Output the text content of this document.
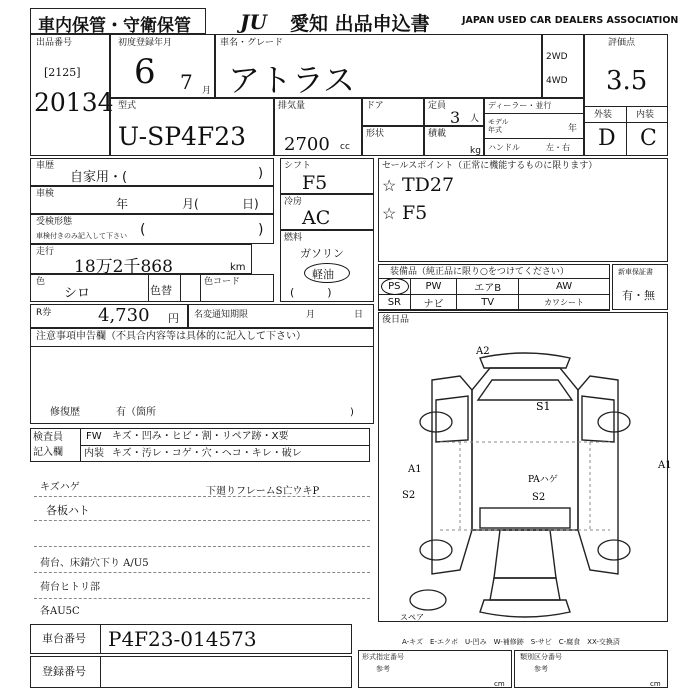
車内保管・守衛保管 JU	愛知 出品申込書	JAPAN USED CAR DEALERS ASSOCIATION
出品番号
[2125]
20134
初度登録年月
6 7 月
車名・グレード
アトラス
2WD
4WD
評価点
3.5
外装	内装
D C
型式
U-SP4F23
排気量
2700 cc
ドア	定員
3 人
形状	積載
kg
ディーラー・並行
モデル年式	年
ハンドル	左・右
車歴
自家用・(	)
車検
年	月(	日)
受検形態
車検付きのみ記入して下さい (	)
走行
18万2千868	km
色
シロ	色替
色コード
シフト
F5
冷房
AC
燃料
ガソリン
軽油
(　　　)
セールスポイント（正常に機能するものに限ります）
☆ TD27
☆ F5
装備品（純正品に限り○をつけてください）
PS	PW	エアB	AW
SR	ナビ	TV	カワシート
新車保証書
有・無
R券	4,730 円 名変通知期限	月	日
注意事項申告欄（不具合内容等は具体的に記入して下さい）
修復歴	有（箇所	)
後日品
検査員
記入欄
FW キズ・凹み・ヒビ・割・リペア跡・X要
内装 キズ・汚レ・コゲ・穴・ヘコ・キレ・破レ
キズハゲ
各板ハト
下廻りフレームS亡ウキP
荷台、床錆穴下り A/U5
荷台ヒトリ部
各AU5C
A2
S1
A1	A1
S2
PAハゲ
S2
スペア
A-キズ　E-エクボ　U-凹み　W-補修跡　S-サビ　C-腐食　XX-交換済
車台番号 P4F23-014573
登録番号
形式指定番号
参考
cm
類別区分番号
参考
cm
